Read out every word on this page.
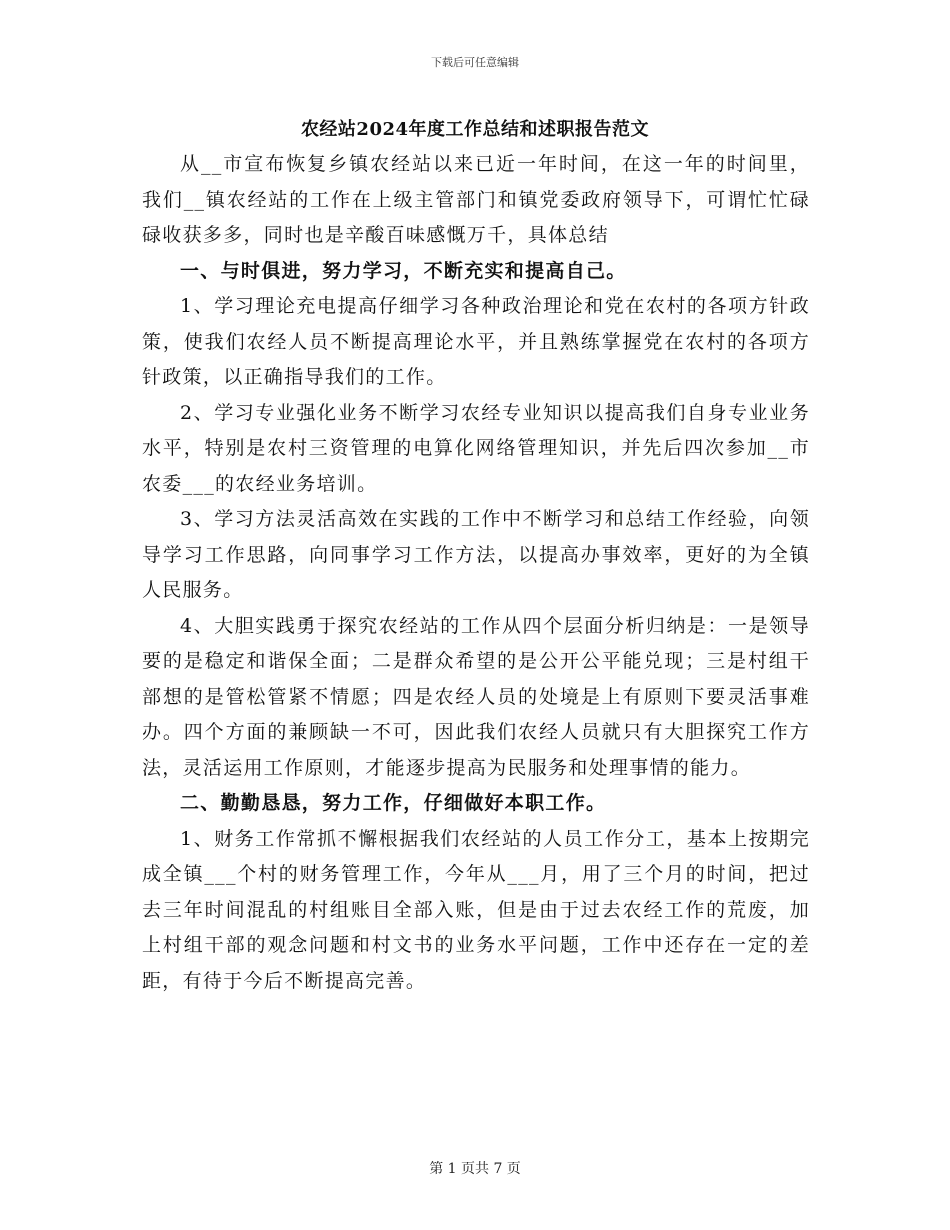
下载后可任意编辑
农经站2024年度工作总结和述职报告范文

从__市宣布恢复乡镇农经站以来已近一年时间，在这一年的时间里，我们__镇农经站的工作在上级主管部门和镇党委政府领导下，可谓忙忙碌碌收获多多，同时也是辛酸百味感慨万千，具体总结

一、与时俱进，努力学习，不断充实和提高自己。

1、学习理论充电提高仔细学习各种政治理论和党在农村的各项方针政策，使我们农经人员不断提高理论水平，并且熟练掌握党在农村的各项方针政策，以正确指导我们的工作。

2、学习专业强化业务不断学习农经专业知识以提高我们自身专业业务水平，特别是农村三资管理的电算化网络管理知识，并先后四次参加__市农委___的农经业务培训。

3、学习方法灵活高效在实践的工作中不断学习和总结工作经验，向领导学习工作思路，向同事学习工作方法，以提高办事效率，更好的为全镇人民服务。

4、大胆实践勇于探究农经站的工作从四个层面分析归纳是：一是领导要的是稳定和谐保全面；二是群众希望的是公开公平能兑现；三是村组干部想的是管松管紧不情愿；四是农经人员的处境是上有原则下要灵活事难办。四个方面的兼顾缺一不可，因此我们农经人员就只有大胆探究工作方法，灵活运用工作原则，才能逐步提高为民服务和处理事情的能力。

二、勤勤恳恳，努力工作，仔细做好本职工作。

1、财务工作常抓不懈根据我们农经站的人员工作分工，基本上按期完成全镇___个村的财务管理工作，今年从___月，用了三个月的时间，把过去三年时间混乱的村组账目全部入账，但是由于过去农经工作的荒废，加上村组干部的观念问题和村文书的业务水平问题，工作中还存在一定的差距，有待于今后不断提高完善。

第 1 页共 7 页
